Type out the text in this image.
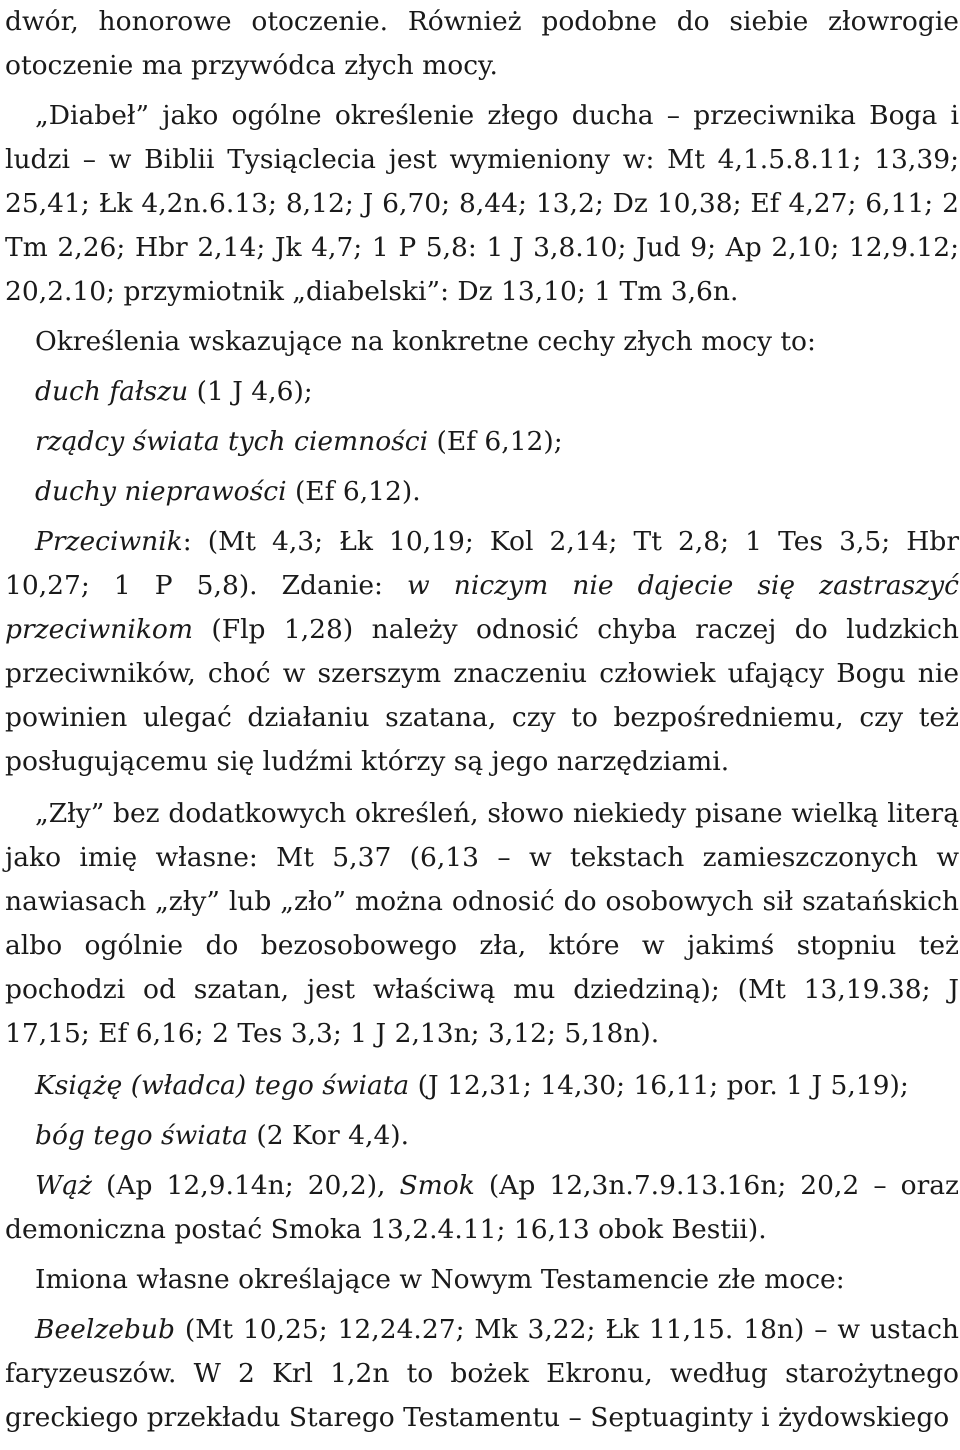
dwór, honorowe otoczenie. Również podobne do siebie złowrogie otoczenie ma przywódca złych mocy.

„Diabeł” jako ogólne określenie złego ducha – przeciwnika Boga i ludzi – w Biblii Tysiąclecia jest wymieniony w: Mt 4,1.5.8.11; 13,39; 25,41; Łk 4,2n.6.13; 8,12; J 6,70; 8,44; 13,2; Dz 10,38; Ef 4,27; 6,11; 2 Tm 2,26; Hbr 2,14; Jk 4,7; 1 P 5,8: 1 J 3,8.10; Jud 9; Ap 2,10; 12,9.12; 20,2.10; przymiotnik „diabelski”: Dz 13,10; 1 Tm 3,6n.

Określenia wskazujące na konkretne cechy złych mocy to:

duch fałszu (1 J 4,6);

rządcy świata tych ciemności (Ef 6,12);

duchy nieprawości (Ef 6,12).

Przeciwnik: (Mt 4,3; Łk 10,19; Kol 2,14; Tt 2,8; 1 Tes 3,5; Hbr 10,27; 1 P 5,8). Zdanie: w niczym nie dajecie się zastraszyć przeciwnikom (Flp 1,28) należy odnosić chyba raczej do ludzkich przeciwników, choć w szerszym znaczeniu człowiek ufający Bogu nie powinien ulegać działaniu szatana, czy to bezpośredniemu, czy też posługującemu się ludźmi którzy są jego narzędziami.

„Zły” bez dodatkowych określeń, słowo niekiedy pisane wielką literą jako imię własne: Mt 5,37 (6,13 – w tekstach zamieszczonych w nawiasach „zły” lub „zło” można odnosić do osobowych sił szatańskich albo ogólnie do bezosobowego zła, które w jakimś stopniu też pochodzi od szatan, jest właściwą mu dziedziną); (Mt 13,19.38; J 17,15; Ef 6,16; 2 Tes 3,3; 1 J 2,13n; 3,12; 5,18n).

Książę (władca) tego świata (J 12,31; 14,30; 16,11; por. 1 J 5,19);

bóg tego świata (2 Kor 4,4).

Wąż (Ap 12,9.14n; 20,2), Smok (Ap 12,3n.7.9.13.16n; 20,2 – oraz demoniczna postać Smoka 13,2.4.11; 16,13 obok Bestii).

Imiona własne określające w Nowym Testamencie złe moce:

Beelzebub (Mt 10,25; 12,24.27; Mk 3,22; Łk 11,15. 18n) – w ustach faryzeuszów. W 2 Krl 1,2n to bożek Ekronu, według starożytnego greckiego przekładu Starego Testamentu – Septuaginty i żydowskiego
